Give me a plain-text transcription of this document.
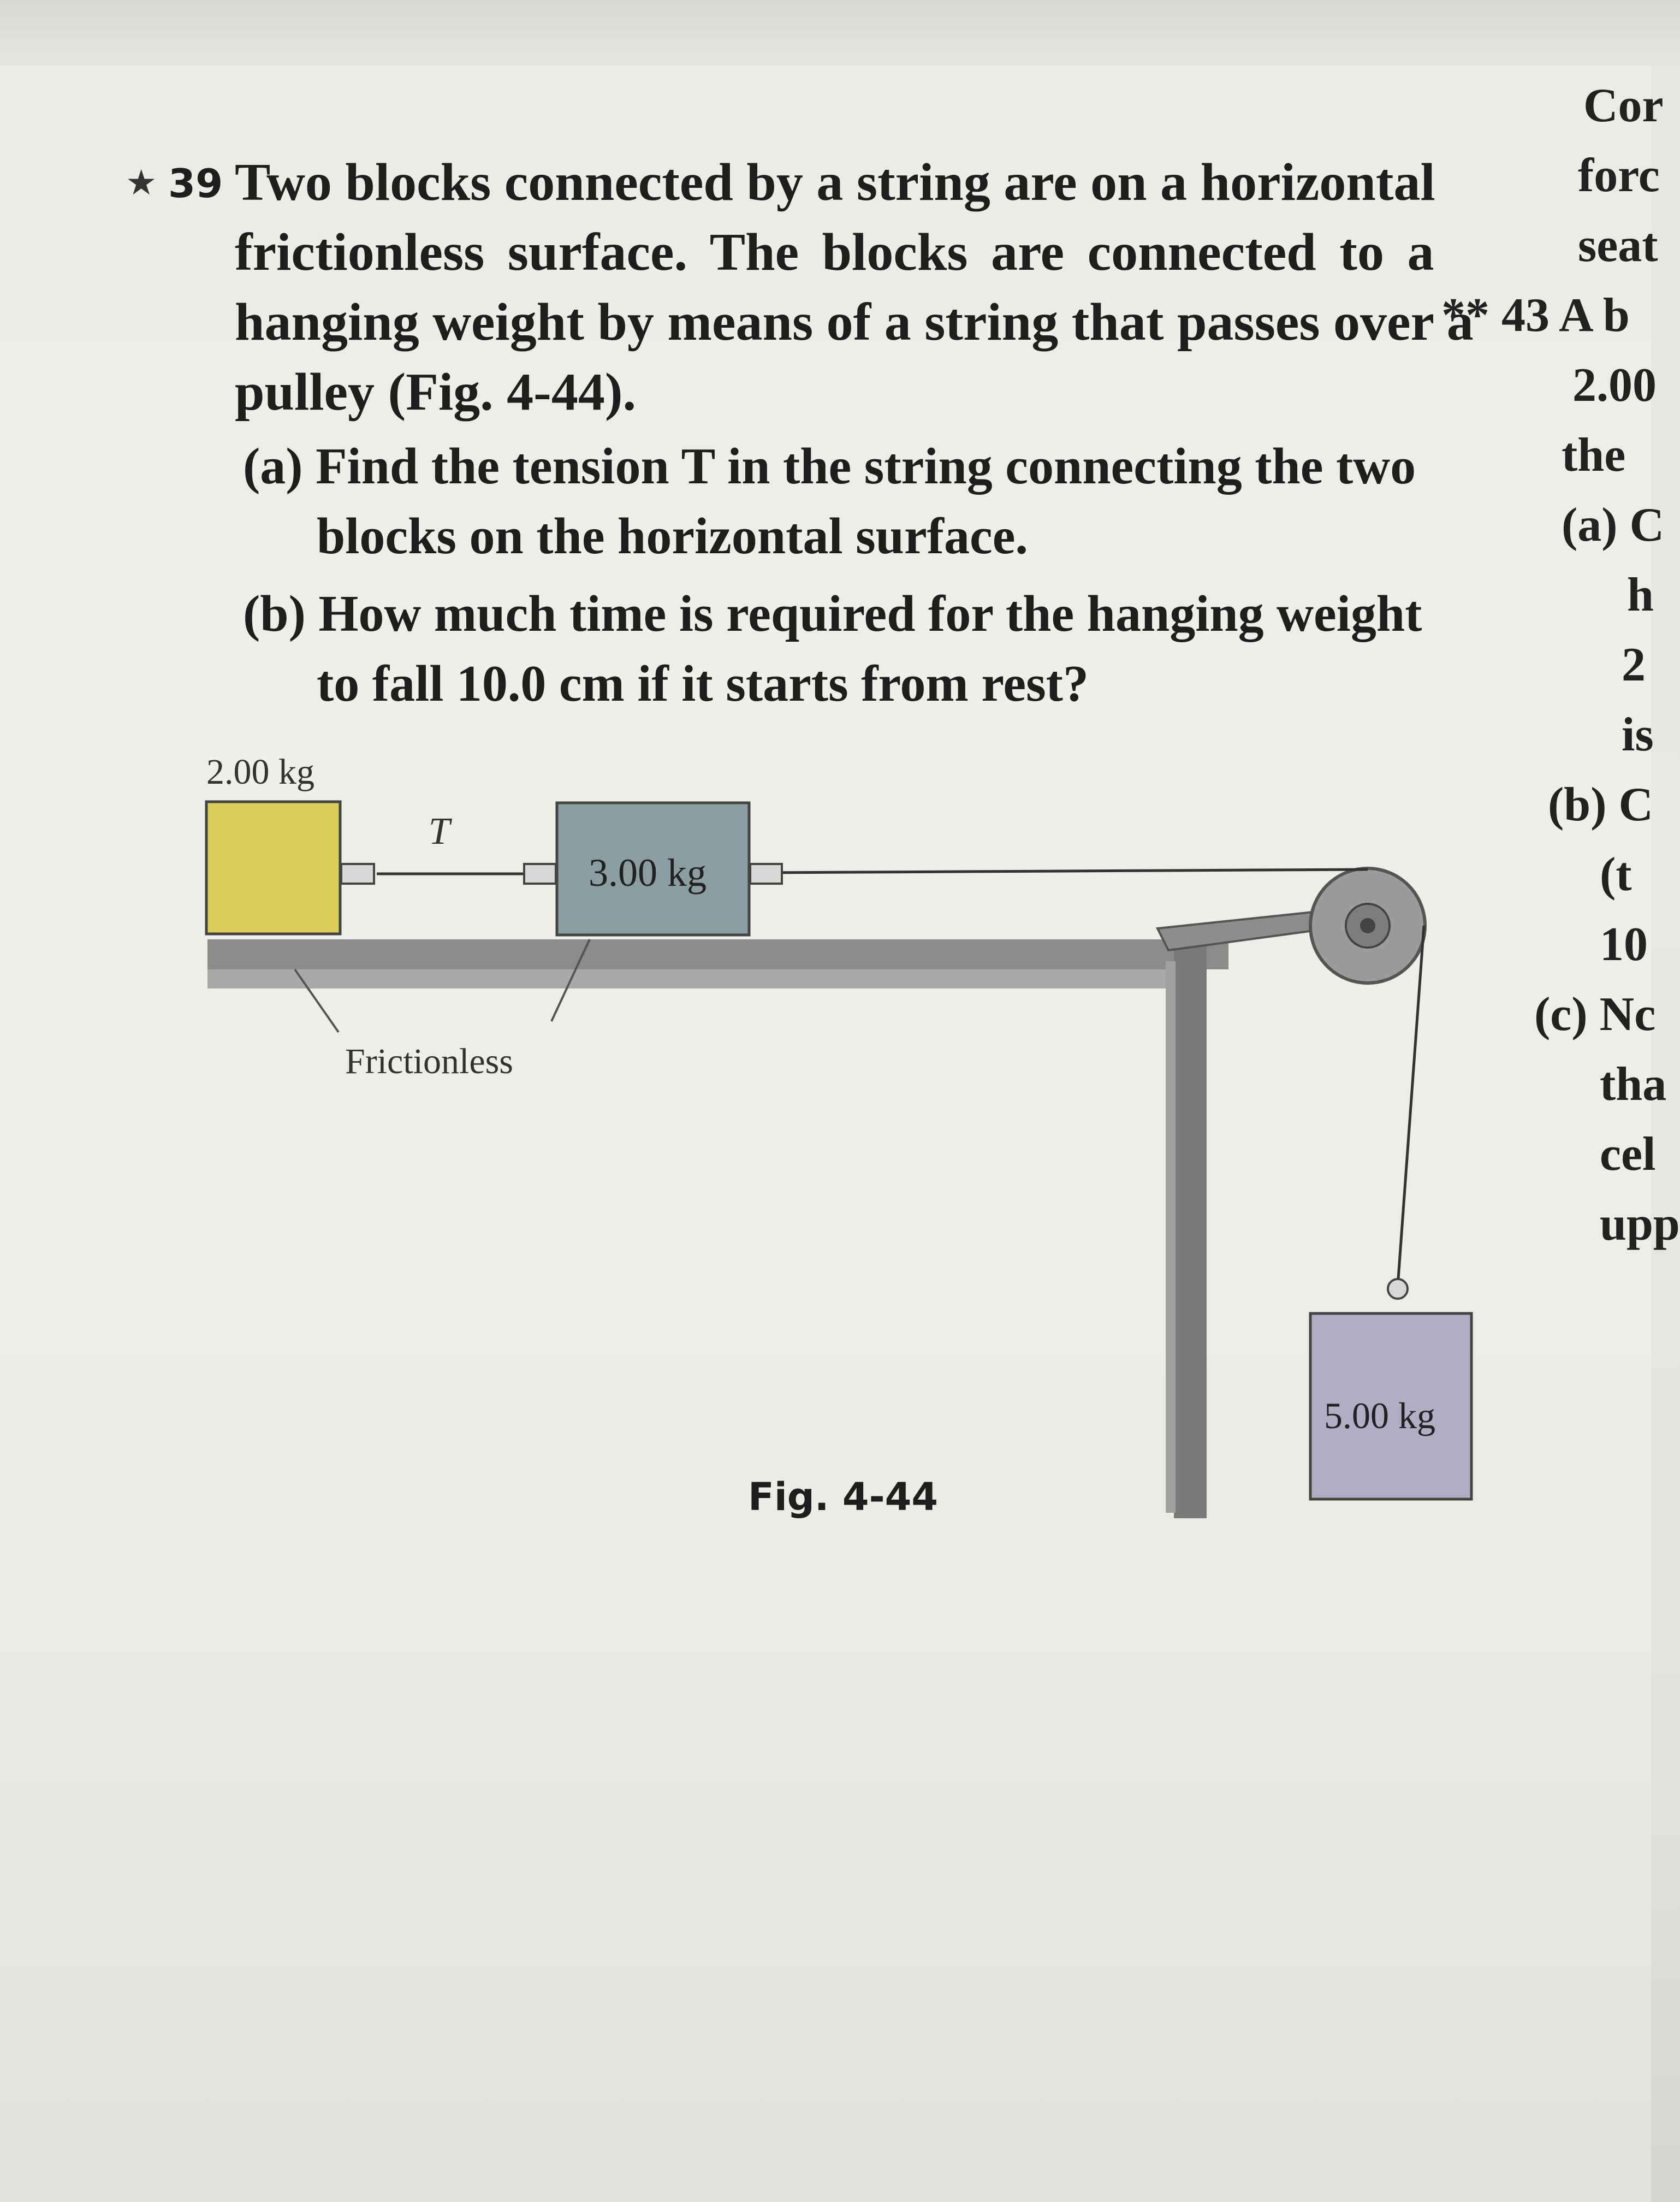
★ 39 Two blocks connected by a string are on a horizontal
frictionless surface. The blocks are connected to a
hanging weight by means of a string that passes over a
pulley (Fig. 4-44).
(a) Find the tension T in the string connecting the two
blocks on the horizontal surface.
(b) How much time is required for the hanging weight
to fall 10.0 cm if it starts from rest?
Cor
forc
seat
** 43 A b
2.00
the
(a) C
h
2
is
(b) C
(t
10
(c) Nc
tha
cel
upp
2.00 kg
T
3.00 kg
Frictionless
5.00 kg
Fig. 4-44
